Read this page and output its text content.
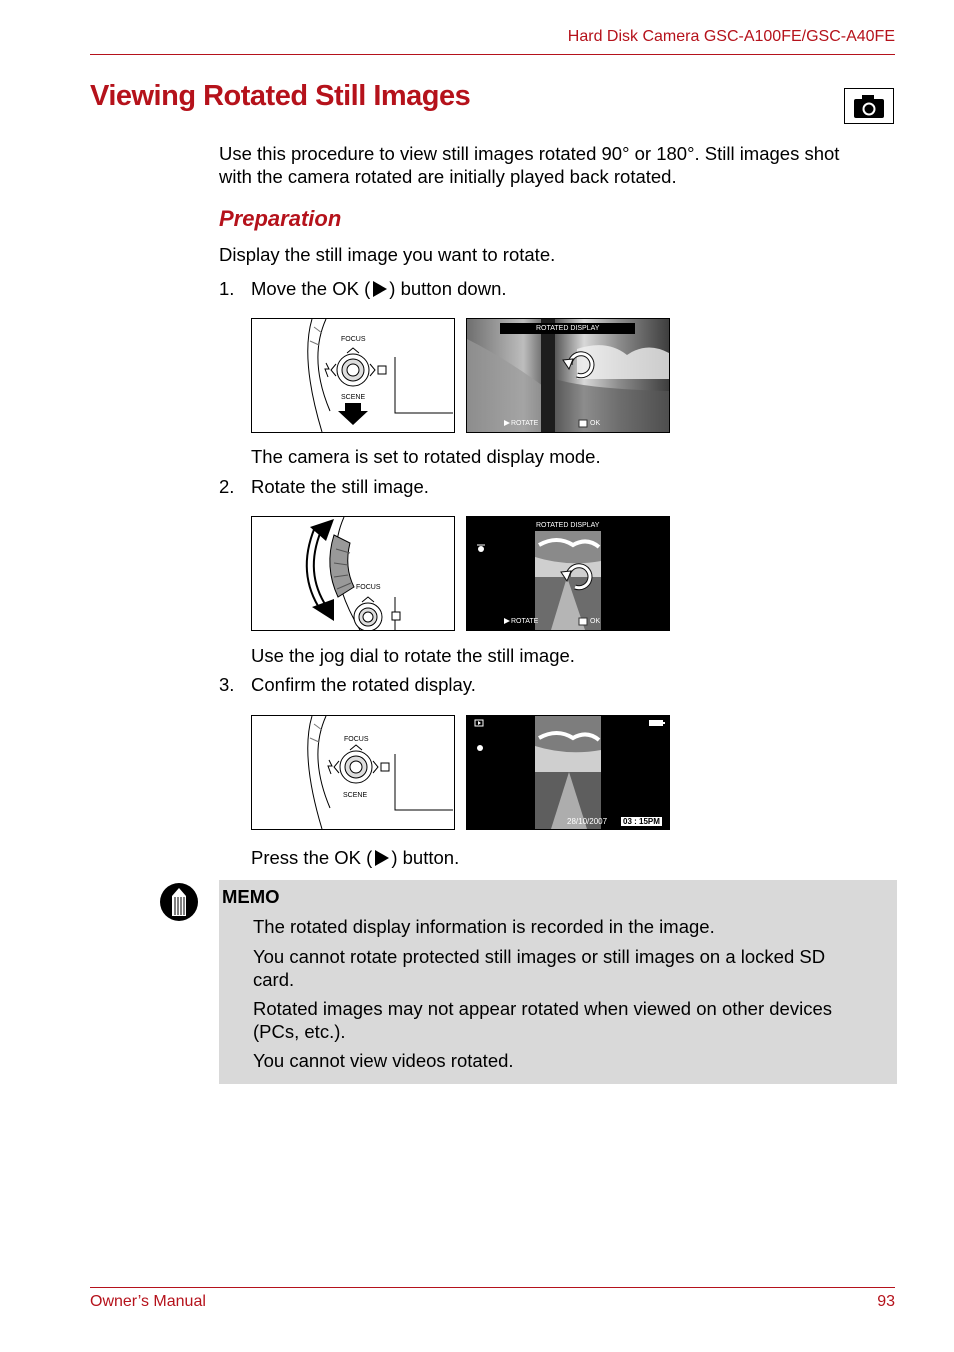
Hard Disk Camera GSC-A100FE/GSC-A40FE
Viewing Rotated Still Images
Use this procedure to view still images rotated 90° or 180°. Still images shot
with the camera rotated are initially played back rotated.
Preparation
Display the still image you want to rotate.
1. Move the OK ( ) button down.
FOCUS
SCENE
ROTATED DISPLAY
ROTATE	OK
The camera is set to rotated display mode.
2. Rotate the still image.
FOCUS
ROTATED DISPLAY
ROTATE	OK
Use the jog dial to rotate the still image.
3. Confirm the rotated display.
FOCUS
SCENE
28/10/2007 03 : 15PM
Press the OK ( ) button.
MEMO
The rotated display information is recorded in the image.
You cannot rotate protected still images or still images on a locked SD
card.
Rotated images may not appear rotated when viewed on other devices
(PCs, etc.).
You cannot view videos rotated.
Owner’s Manual	93
